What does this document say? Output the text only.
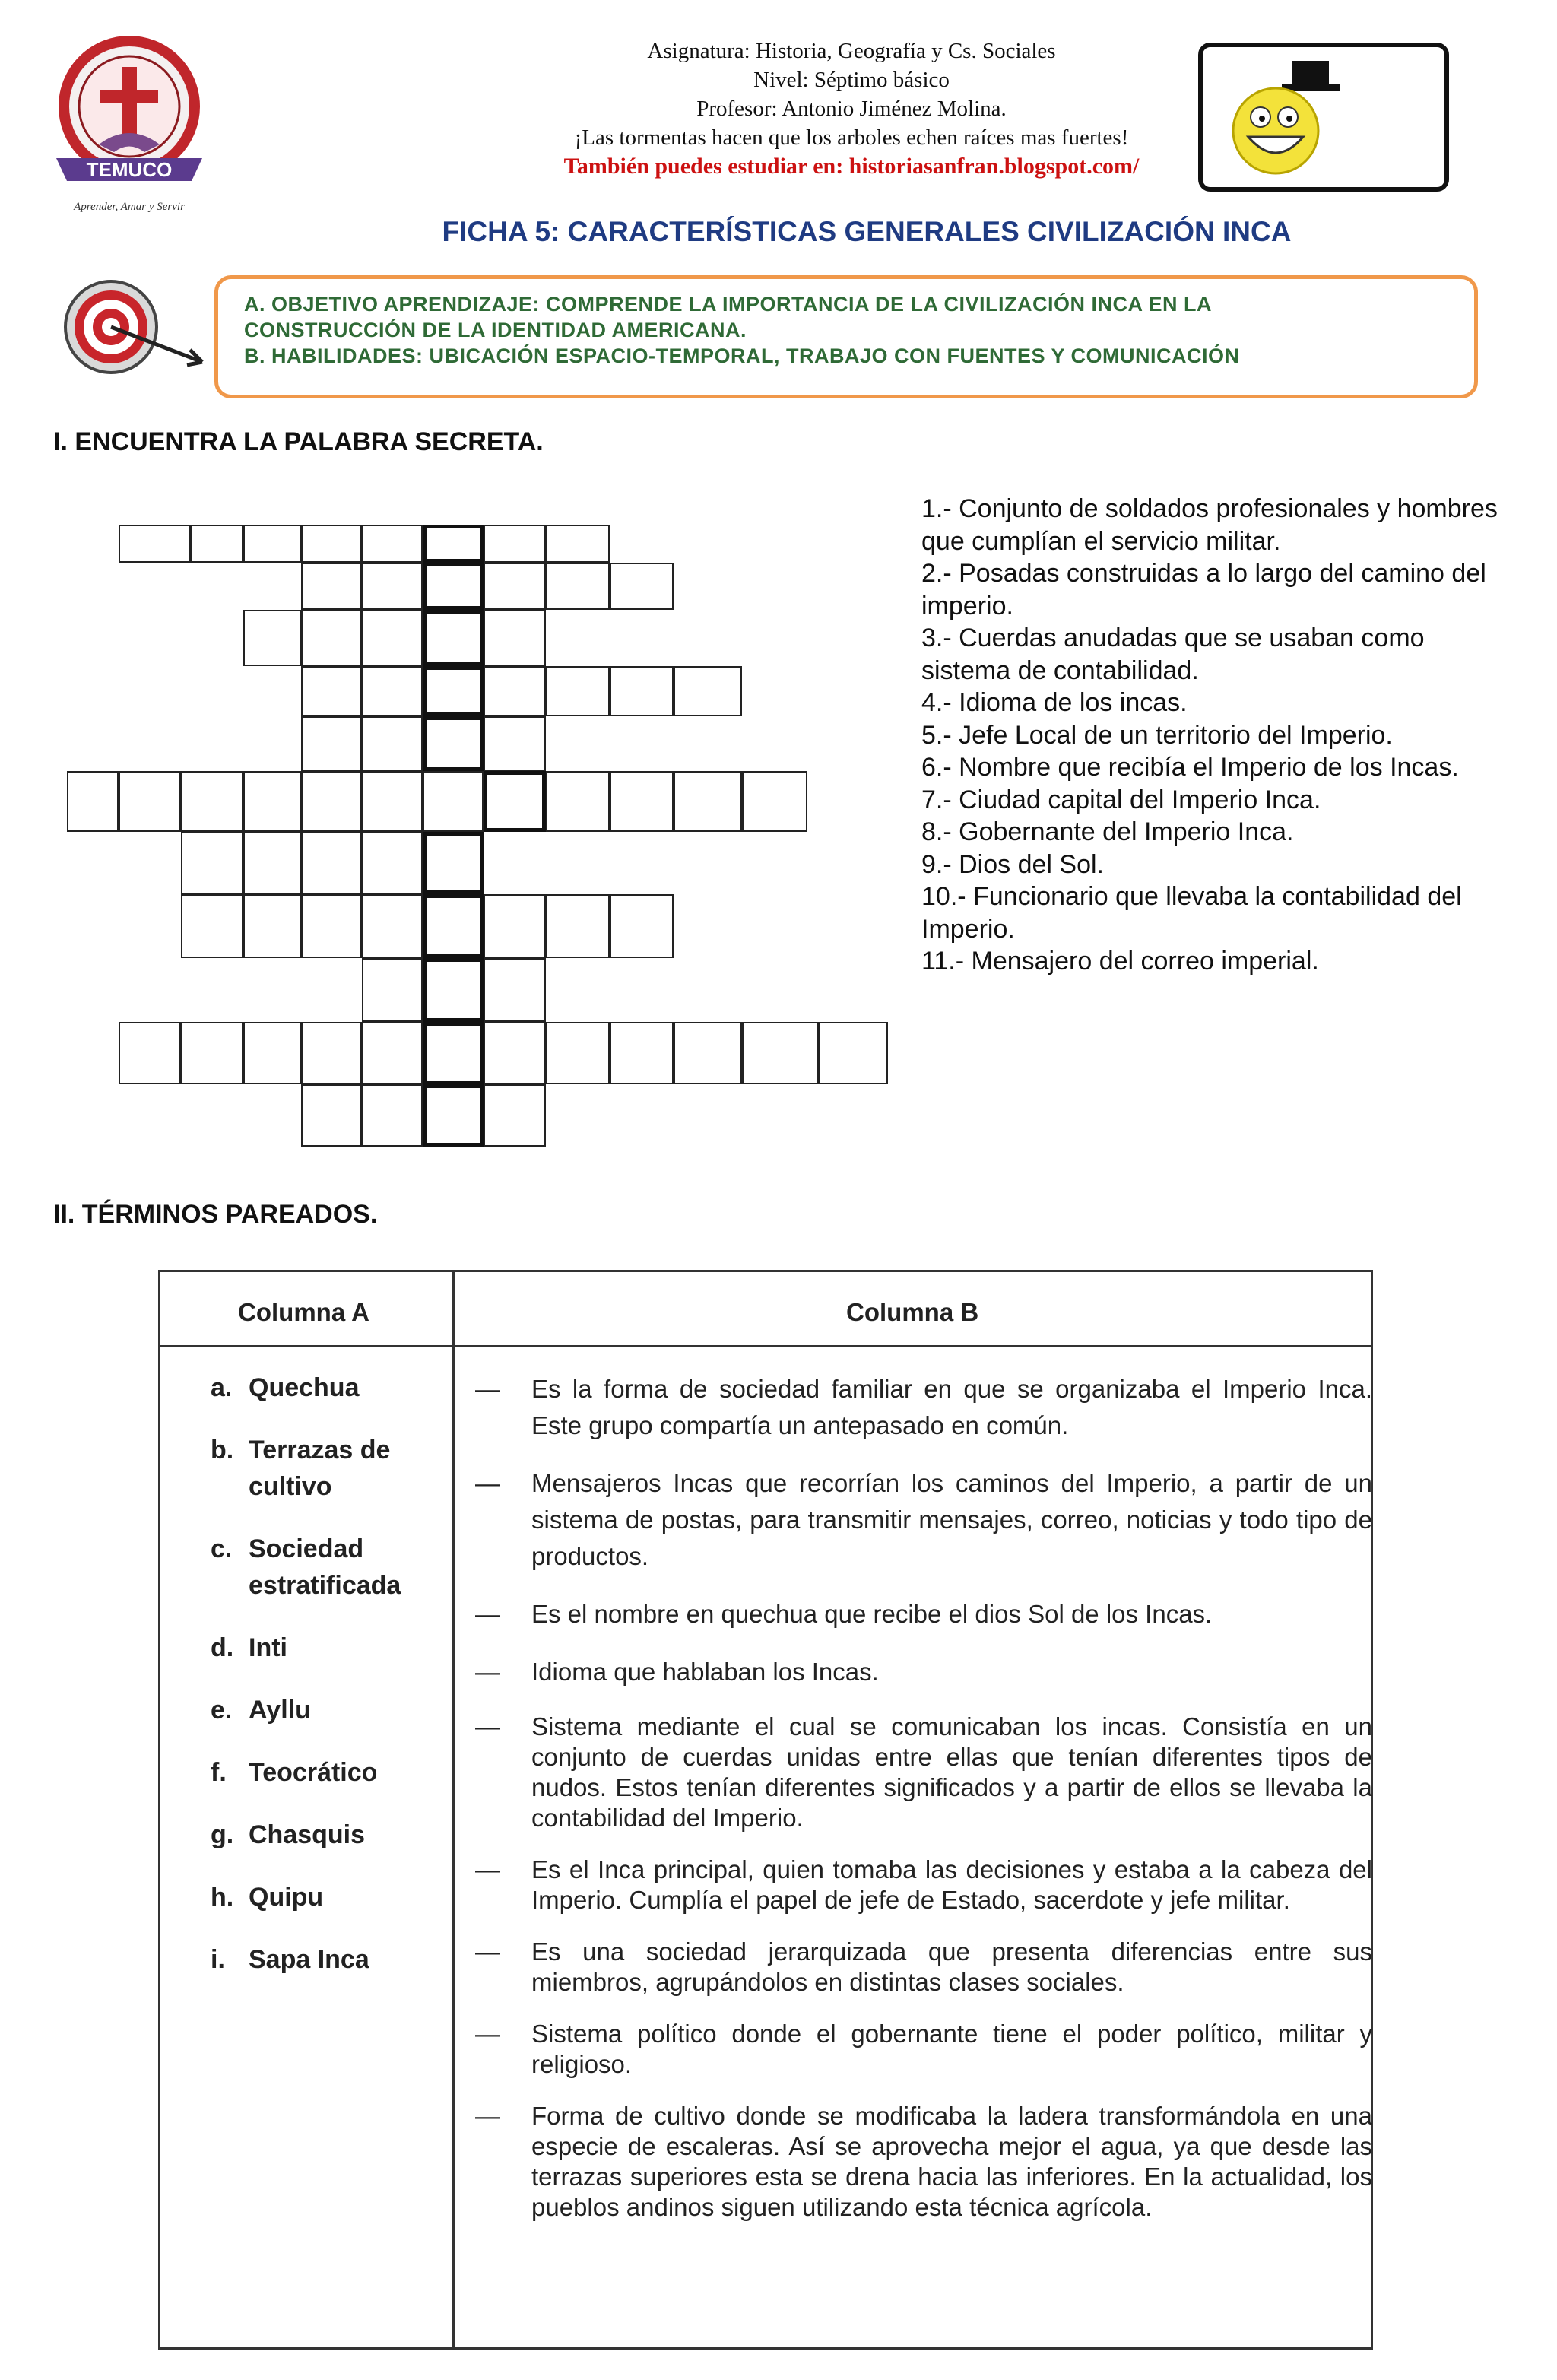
TEMUCO
Aprender, Amar y Servir
Asignatura: Historia, Geografía y Cs. Sociales
Nivel: Séptimo básico
Profesor: Antonio Jiménez Molina.
¡Las tormentas hacen que los arboles echen raíces mas fuertes!
También puedes estudiar en: historiasanfran.blogspot.com/
FICHA 5: CARACTERÍSTICAS GENERALES CIVILIZACIÓN INCA
A. OBJETIVO APRENDIZAJE: COMPRENDE LA IMPORTANCIA DE LA CIVILIZACIÓN INCA EN LA
CONSTRUCCIÓN DE LA IDENTIDAD AMERICANA.
B. HABILIDADES: UBICACIÓN ESPACIO-TEMPORAL, TRABAJO CON FUENTES Y COMUNICACIÓN
I. ENCUENTRA LA PALABRA SECRETA.

1.- Conjunto de soldados profesionales y hombres que cumplían el servicio militar.

2.- Posadas construidas a lo largo del camino del imperio.

3.- Cuerdas anudadas que se usaban como sistema de contabilidad.

4.- Idioma de los incas.

5.- Jefe Local de un territorio del Imperio.

6.- Nombre que recibía el Imperio de los Incas.

7.- Ciudad capital del Imperio Inca.

8.- Gobernante del Imperio Inca.

9.- Dios del Sol.

10.- Funcionario que llevaba la contabilidad del Imperio.

11.- Mensajero del correo imperial.

II. TÉRMINOS PAREADOS.
Columna A	Columna B
a. Quechua
b. Terrazas de cultivo
c. Sociedad estratificada
d. Inti
e. Ayllu
f. Teocrático
g. Chasquis
h. Quipu
i. Sapa Inca
—	Es la forma de sociedad familiar en que se organizaba el Imperio Inca. Este grupo compartía un antepasado en común.
—	Mensajeros Incas que recorrían los caminos del Imperio, a partir de un sistema de postas, para transmitir mensajes, correo, noticias y todo tipo de productos.
—	Es el nombre en quechua que recibe el dios Sol de los Incas.
—	Idioma que hablaban los Incas.
—	Sistema mediante el cual se comunicaban los incas. Consistía en un conjunto de cuerdas unidas entre ellas que tenían diferentes tipos de nudos. Estos tenían diferentes significados y a partir de ellos se llevaba la contabilidad del Imperio.
—	Es el Inca principal, quien tomaba las decisiones y estaba a la cabeza del Imperio. Cumplía el papel de jefe de Estado, sacerdote y jefe militar.
—	Es una sociedad jerarquizada que presenta diferencias entre sus miembros, agrupándolos en distintas clases sociales.
—	Sistema político donde el gobernante tiene el poder político, militar y religioso.
—	Forma de cultivo donde se modificaba la ladera transformándola en una especie de escaleras. Así se aprovecha mejor el agua, ya que desde las terrazas superiores esta se drena hacia las inferiores. En la actualidad, los pueblos andinos siguen utilizando esta técnica agrícola.
